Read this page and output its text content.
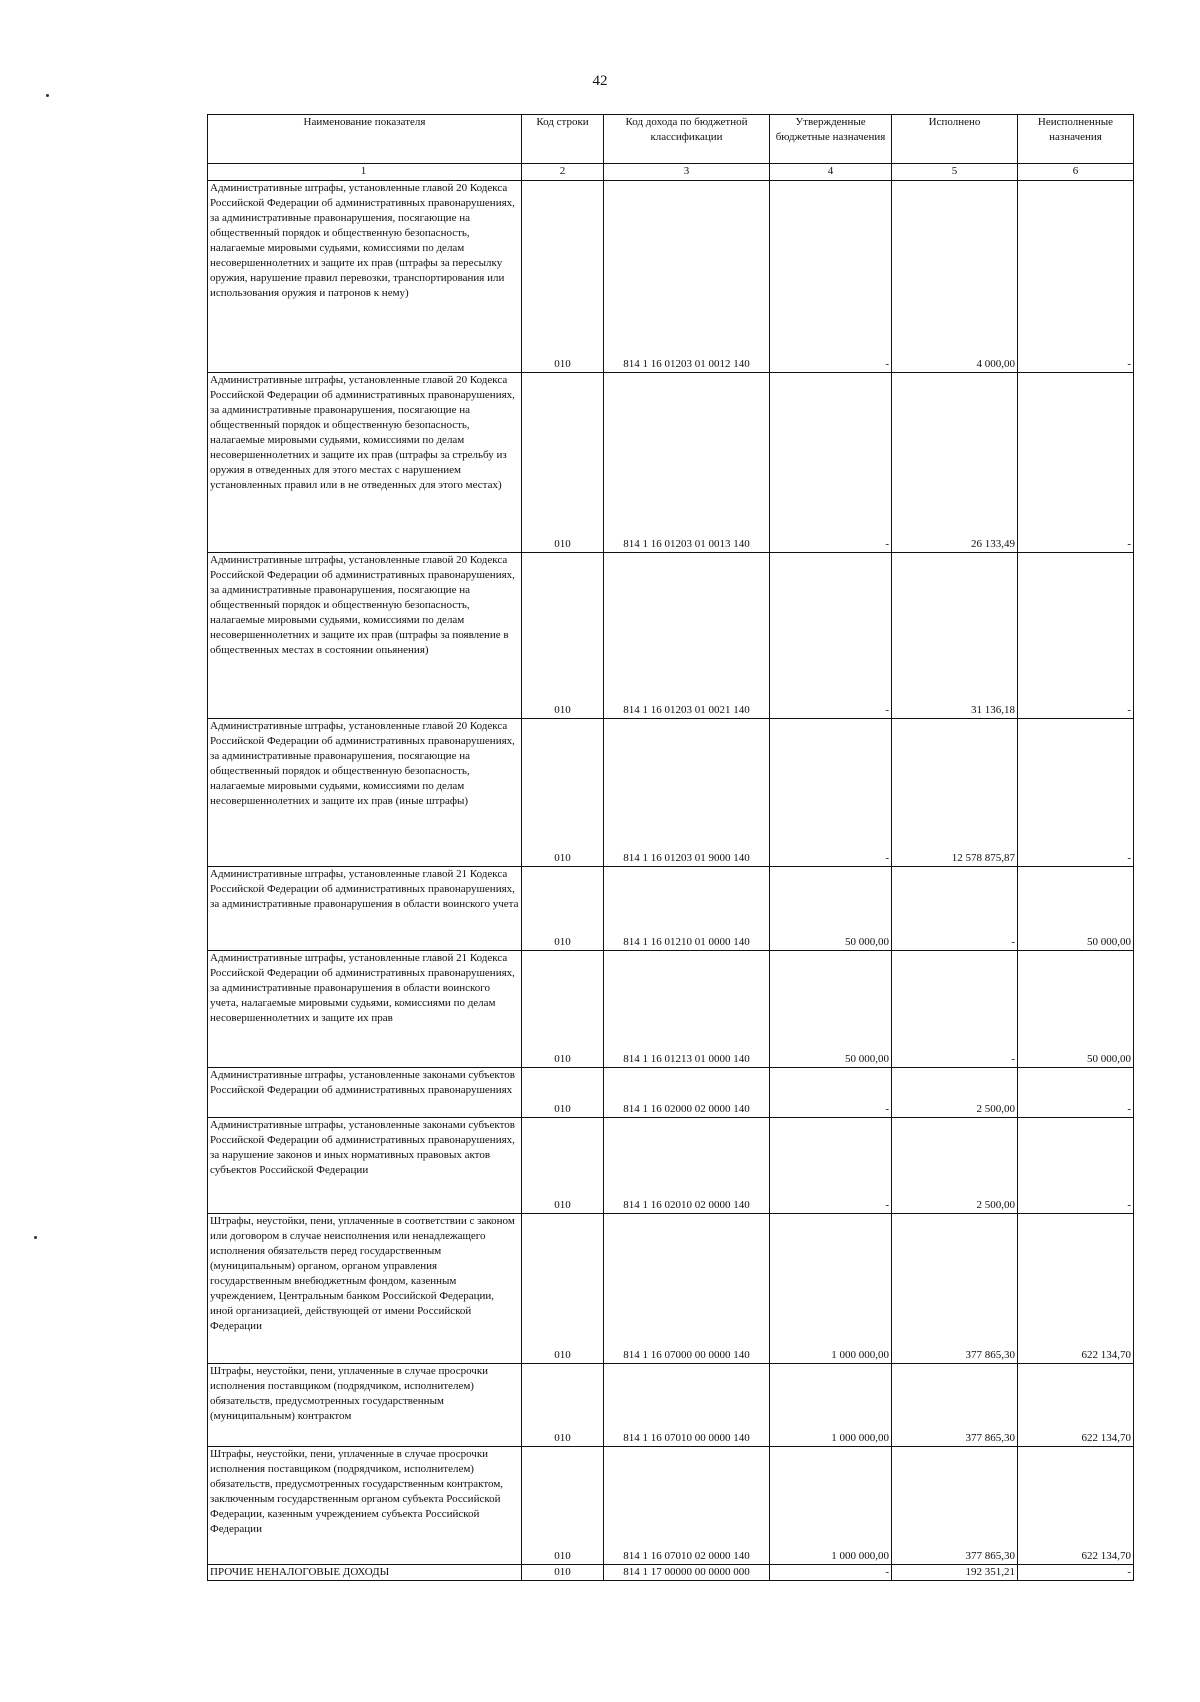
42
Наименование показателя	Код строки	Код дохода по бюджетной классификации	Утвержденные бюджетные назначения	Исполнено	Неисполненные назначения
1	2	3	4	5	6
Административные штрафы, установленные главой 20 Кодекса Российской Федерации об административных правонарушениях, за административные правонарушения, посягающие на общественный порядок и общественную безопасность, налагаемые мировыми судьями, комиссиями по делам несовершеннолетних и защите их прав (штрафы за пересылку оружия, нарушение правил перевозки, транспортирования или использования оружия и патронов к нему)	010	814 1 16 01203 01 0012 140	-	4 000,00	-
Административные штрафы, установленные главой 20 Кодекса Российской Федерации об административных правонарушениях, за административные правонарушения, посягающие на общественный порядок и общественную безопасность, налагаемые мировыми судьями, комиссиями по делам несовершеннолетних и защите их прав (штрафы за стрельбу из оружия в отведенных для этого местах с нарушением установленных правил или в не отведенных для этого местах)	010	814 1 16 01203 01 0013 140	-	26 133,49	-
Административные штрафы, установленные главой 20 Кодекса Российской Федерации об административных правонарушениях, за административные правонарушения, посягающие на общественный порядок и общественную безопасность, налагаемые мировыми судьями, комиссиями по делам несовершеннолетних и защите их прав (штрафы за появление в общественных местах в состоянии опьянения)	010	814 1 16 01203 01 0021 140	-	31 136,18	-
Административные штрафы, установленные главой 20 Кодекса Российской Федерации об административных правонарушениях, за административные правонарушения, посягающие на общественный порядок и общественную безопасность, налагаемые мировыми судьями, комиссиями по делам несовершеннолетних и защите их прав (иные штрафы)	010	814 1 16 01203 01 9000 140	-	12 578 875,87	-
Административные штрафы, установленные главой 21 Кодекса Российской Федерации об административных правонарушениях, за административные правонарушения в области воинского учета	010	814 1 16 01210 01 0000 140	50 000,00	-	50 000,00
Административные штрафы, установленные главой 21 Кодекса Российской Федерации об административных правонарушениях, за административные правонарушения в области воинского учета, налагаемые мировыми судьями, комиссиями по делам несовершеннолетних и защите их прав	010	814 1 16 01213 01 0000 140	50 000,00	-	50 000,00
Административные штрафы, установленные законами субъектов Российской Федерации об административных правонарушениях	010	814 1 16 02000 02 0000 140	-	2 500,00	-
Административные штрафы, установленные законами субъектов Российской Федерации об административных правонарушениях, за нарушение законов и иных нормативных правовых актов субъектов Российской Федерации	010	814 1 16 02010 02 0000 140	-	2 500,00	-
Штрафы, неустойки, пени, уплаченные в соответствии с законом или договором в случае неисполнения или ненадлежащего исполнения обязательств перед государственным (муниципальным) органом, органом управления государственным внебюджетным фондом, казенным учреждением, Центральным банком Российской Федерации, иной организацией, действующей от имени Российской Федерации	010	814 1 16 07000 00 0000 140	1 000 000,00	377 865,30	622 134,70
Штрафы, неустойки, пени, уплаченные в случае просрочки исполнения поставщиком (подрядчиком, исполнителем) обязательств, предусмотренных государственным (муниципальным) контрактом	010	814 1 16 07010 00 0000 140	1 000 000,00	377 865,30	622 134,70
Штрафы, неустойки, пени, уплаченные в случае просрочки исполнения поставщиком (подрядчиком, исполнителем) обязательств, предусмотренных государственным контрактом, заключенным государственным органом субъекта Российской Федерации, казенным учреждением субъекта Российской Федерации	010	814 1 16 07010 02 0000 140	1 000 000,00	377 865,30	622 134,70
ПРОЧИЕ НЕНАЛОГОВЫЕ ДОХОДЫ	010	814 1 17 00000 00 0000 000	-	192 351,21	-
